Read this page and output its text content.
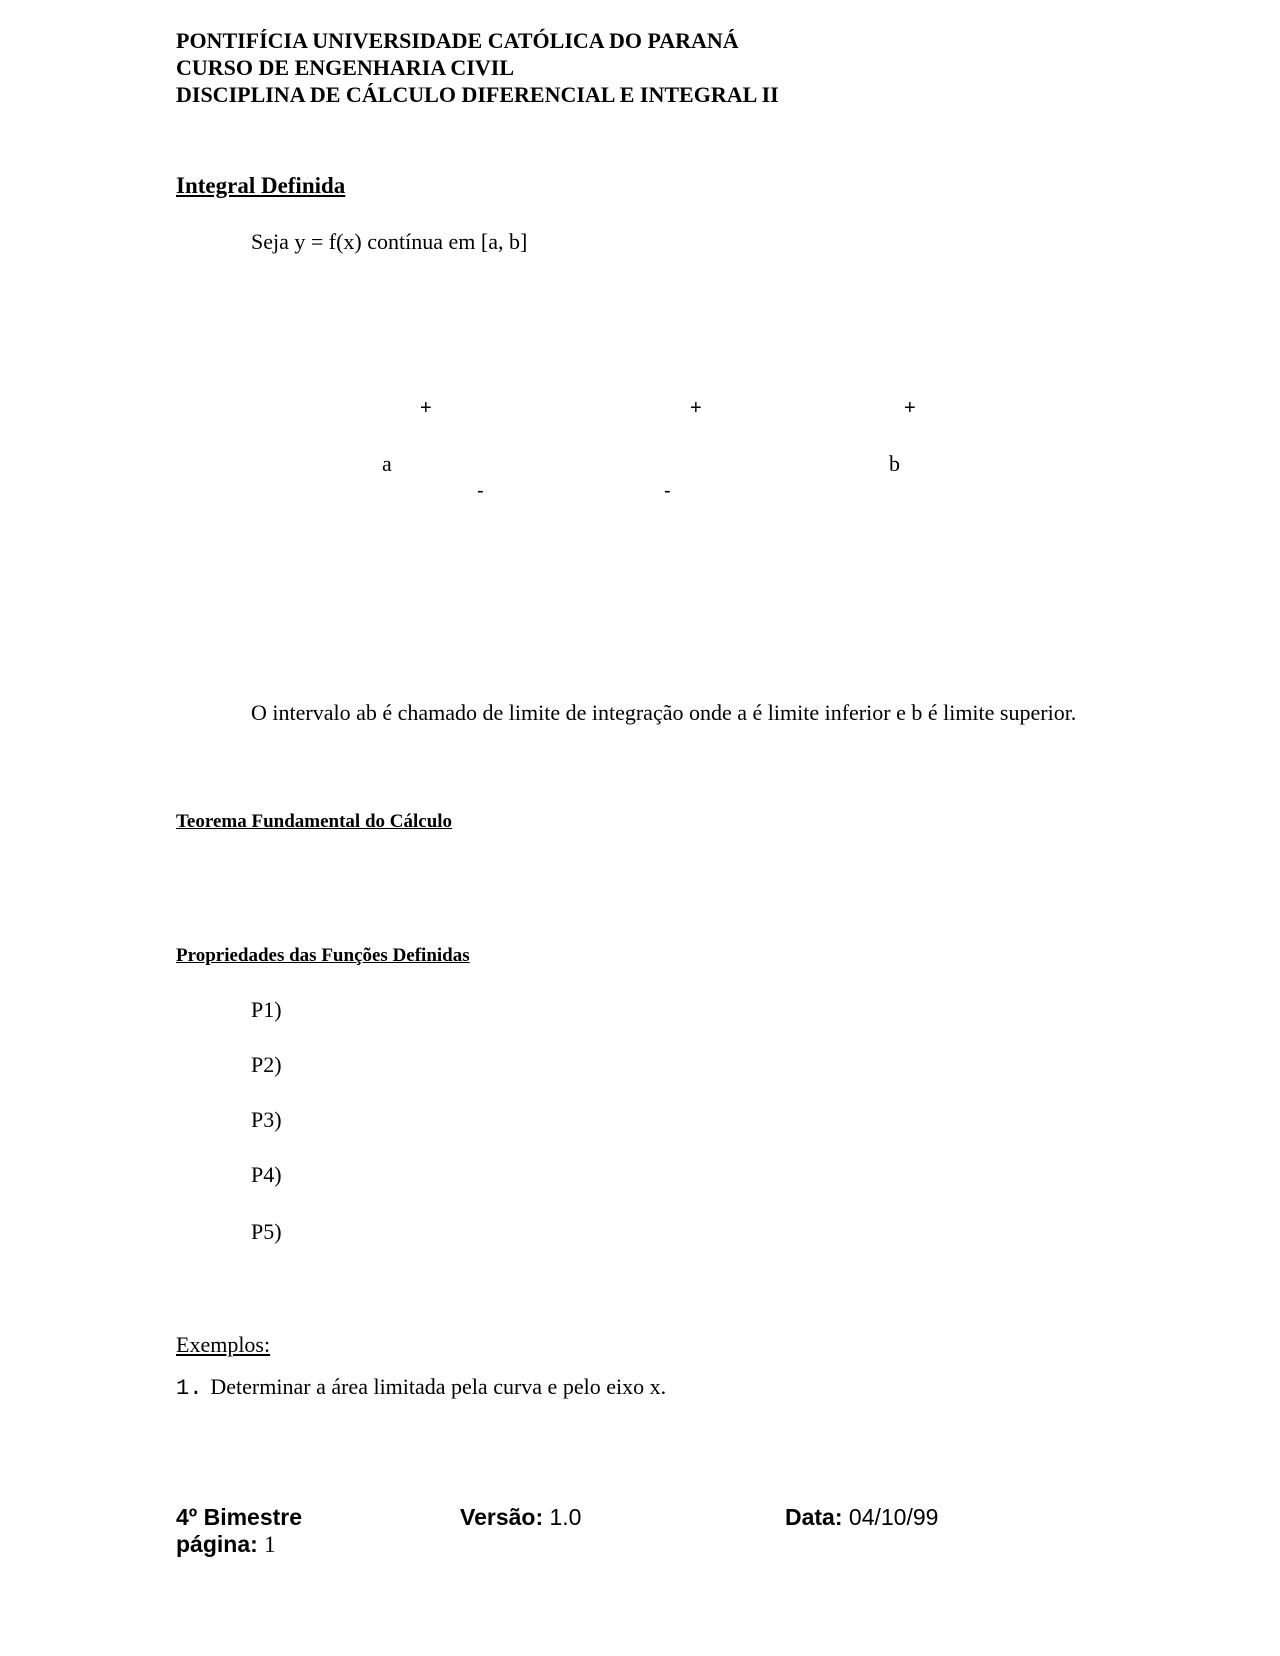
PONTIFÍCIA UNIVERSIDADE CATÓLICA DO PARANÁ
CURSO DE ENGENHARIA CIVIL
DISCIPLINA DE CÁLCULO DIFERENCIAL E INTEGRAL II
Integral Definida
Seja y = f(x) contínua em [a, b]
+	+	+
a	b
-	-
O intervalo ab é chamado de limite de integração onde a é limite inferior e b é limite superior.
Teorema Fundamental do Cálculo
Propriedades das Funções Definidas
P1)
P2)
P3)
P4)
P5)
Exemplos:
1. Determinar a área limitada pela curva e pelo eixo x.
4º Bimestre	Versão: 1.0	Data: 04/10/99
página: 1
